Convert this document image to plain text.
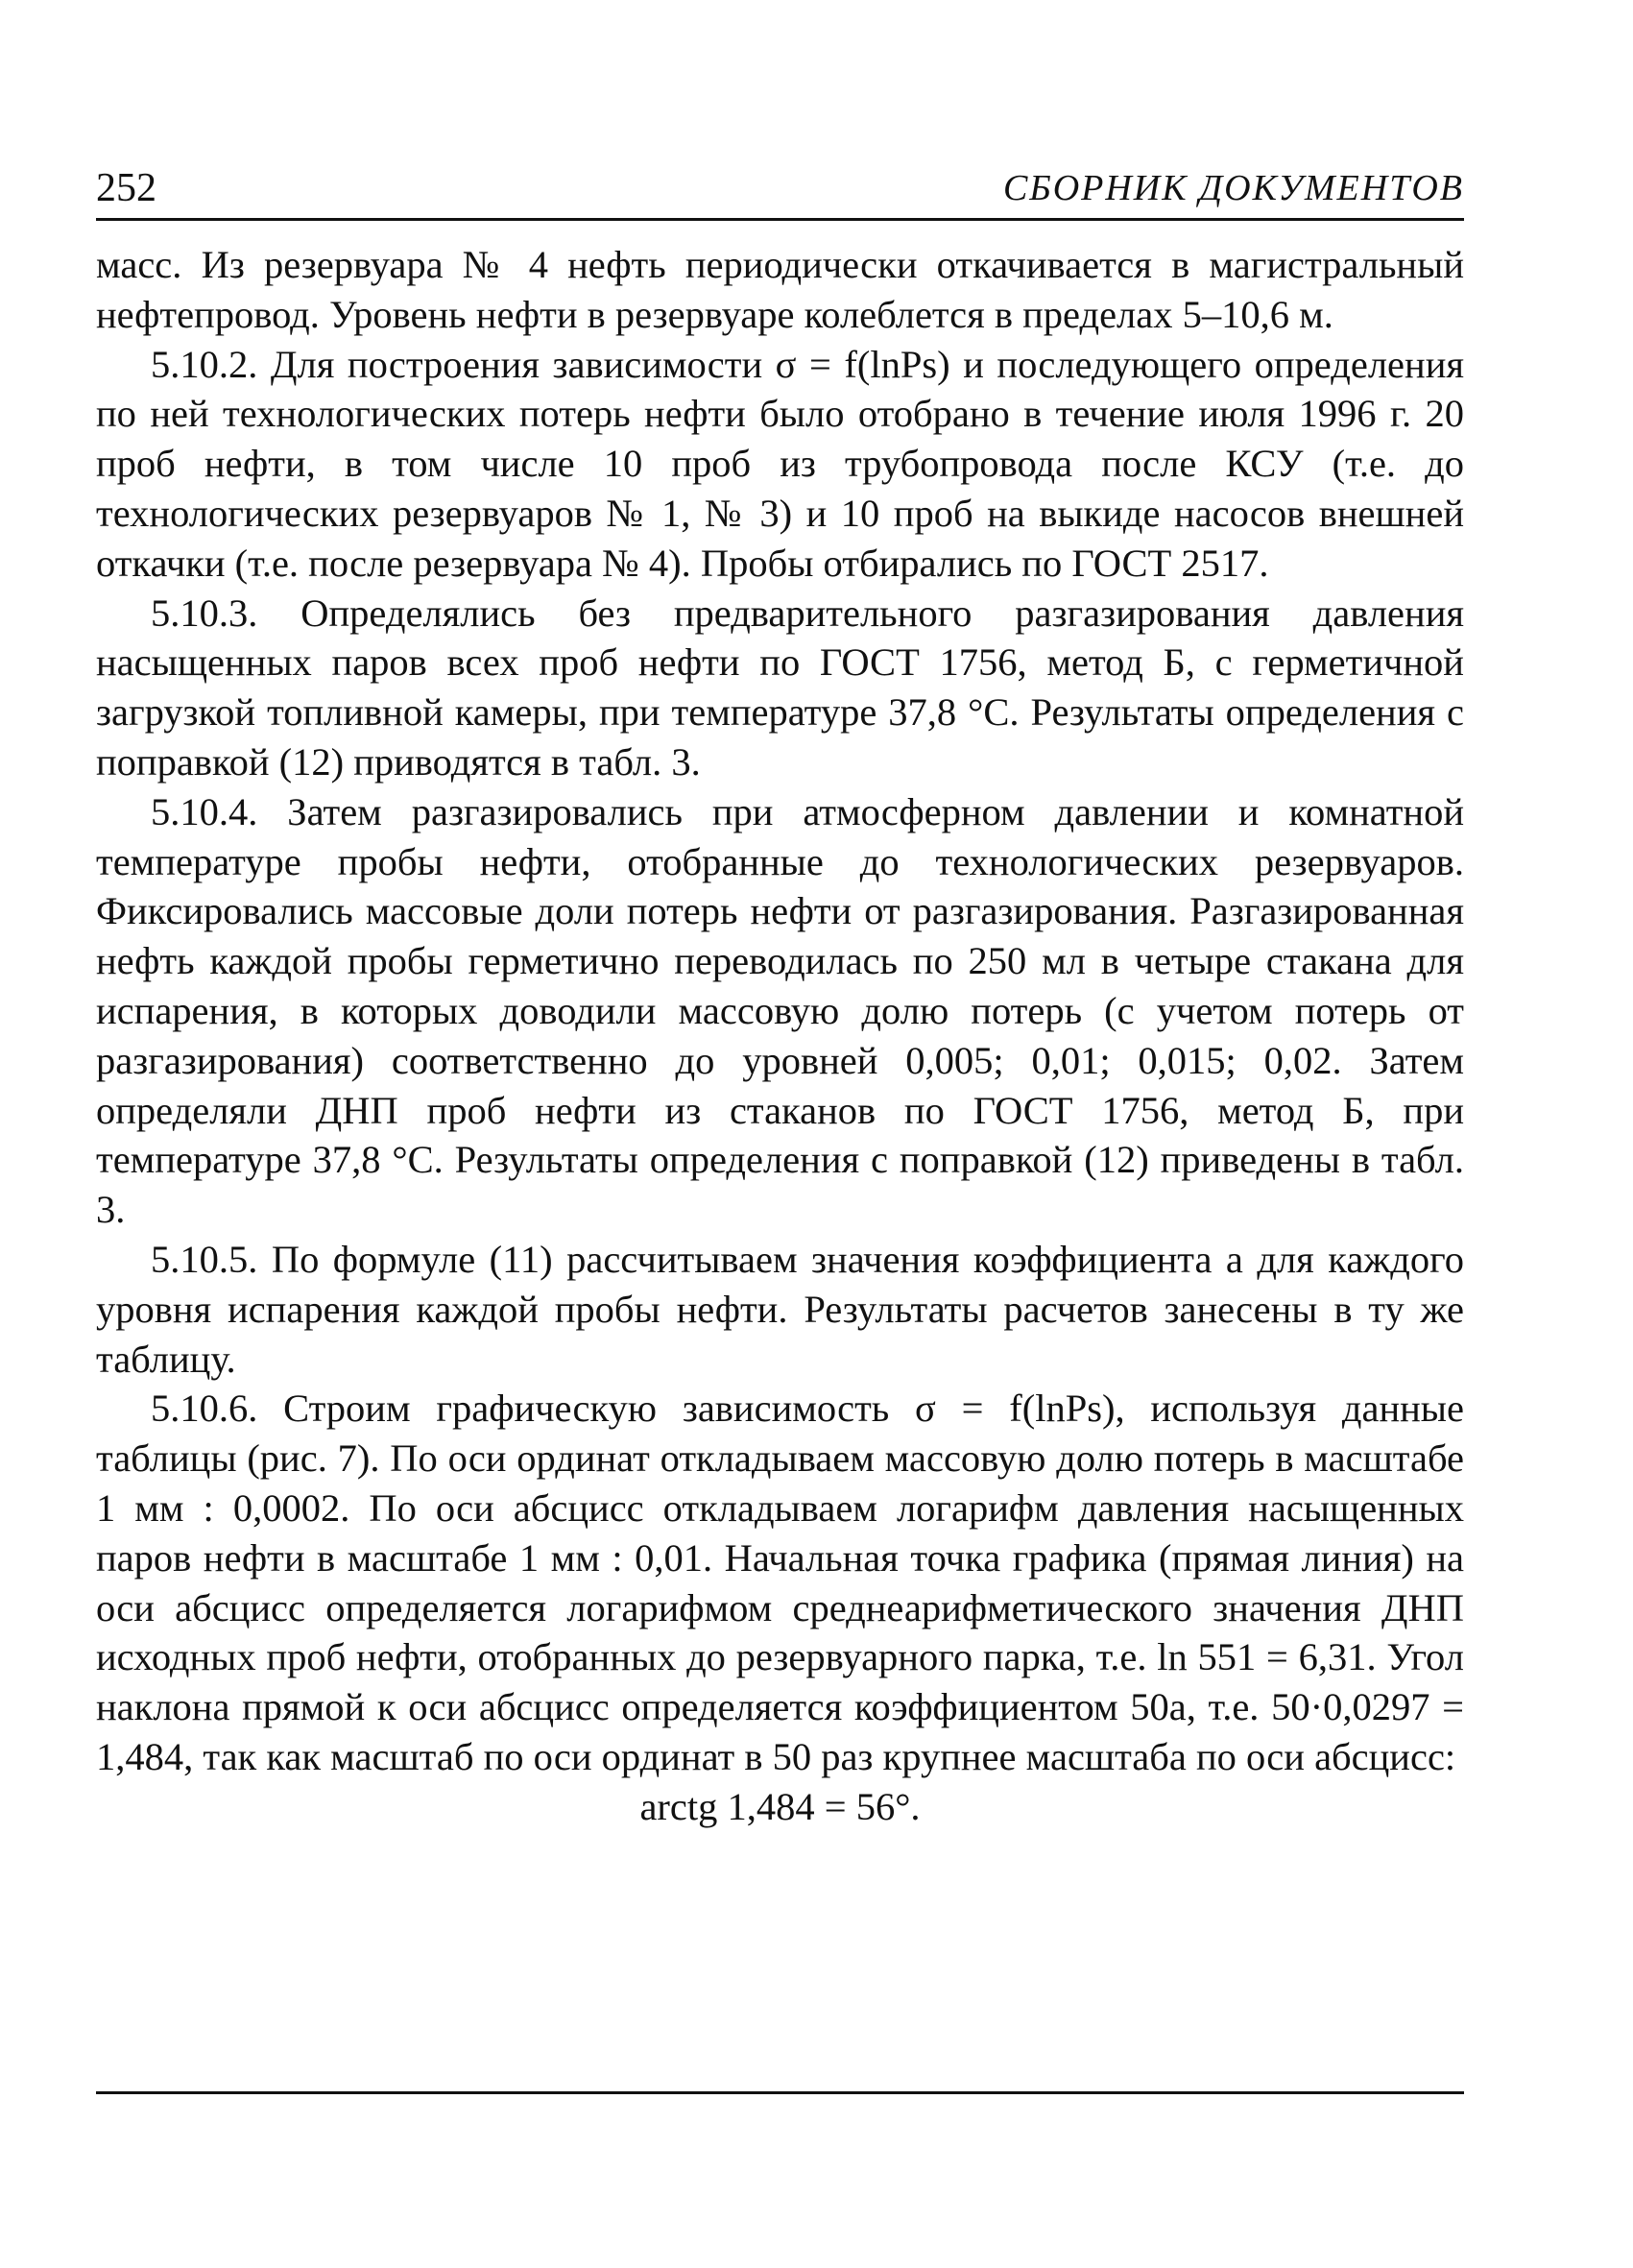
252	СБОРНИК ДОКУМЕНТОВ

масс. Из резервуара № 4 нефть периодически откачивается в магистральный нефтепровод. Уровень нефти в резервуаре колеблется в пределах 5–10,6 м.

5.10.2. Для построения зависимости σ = f(lnPs) и последующего определения по ней технологических потерь нефти было отобрано в течение июля 1996 г. 20 проб нефти, в том числе 10 проб из трубопровода после КСУ (т.е. до технологических резервуаров № 1, № 3) и 10 проб на выкиде насосов внешней откачки (т.е. после резервуара № 4). Пробы отбирались по ГОСТ 2517.

5.10.3. Определялись без предварительного разгазирования давления насыщенных паров всех проб нефти по ГОСТ 1756, метод Б, с герметичной загрузкой топливной камеры, при температуре 37,8 °С. Результаты определения с поправкой (12) приводятся в табл. 3.

5.10.4. Затем разгазировались при атмосферном давлении и комнатной температуре пробы нефти, отобранные до технологических резервуаров. Фиксировались массовые доли потерь нефти от разгазирования. Разгазированная нефть каждой пробы герметично переводилась по 250 мл в четыре стакана для испарения, в которых доводили массовую долю потерь (с учетом потерь от разгазирования) соответственно до уровней 0,005; 0,01; 0,015; 0,02. Затем определяли ДНП проб нефти из стаканов по ГОСТ 1756, метод Б, при температуре 37,8 °С. Результаты определения с поправкой (12) приведены в табл. 3.

5.10.5. По формуле (11) рассчитываем значения коэффициента a для каждого уровня испарения каждой пробы нефти. Результаты расчетов занесены в ту же таблицу.

5.10.6. Строим графическую зависимость σ = f(lnPs), используя данные таблицы (рис. 7). По оси ординат откладываем массовую долю потерь в масштабе 1 мм : 0,0002. По оси абсцисс откладываем логарифм давления насыщенных паров нефти в масштабе 1 мм : 0,01. Начальная точка графика (прямая линия) на оси абсцисс определяется логарифмом среднеарифметического значения ДНП исходных проб нефти, отобранных до резервуарного парка, т.е. ln 551 = 6,31. Угол наклона прямой к оси абсцисс определяется коэффициентом 50a, т.е. 50·0,0297 = 1,484, так как масштаб по оси ординат в 50 раз крупнее масштаба по оси абсцисс:

arctg 1,484 = 56°.
